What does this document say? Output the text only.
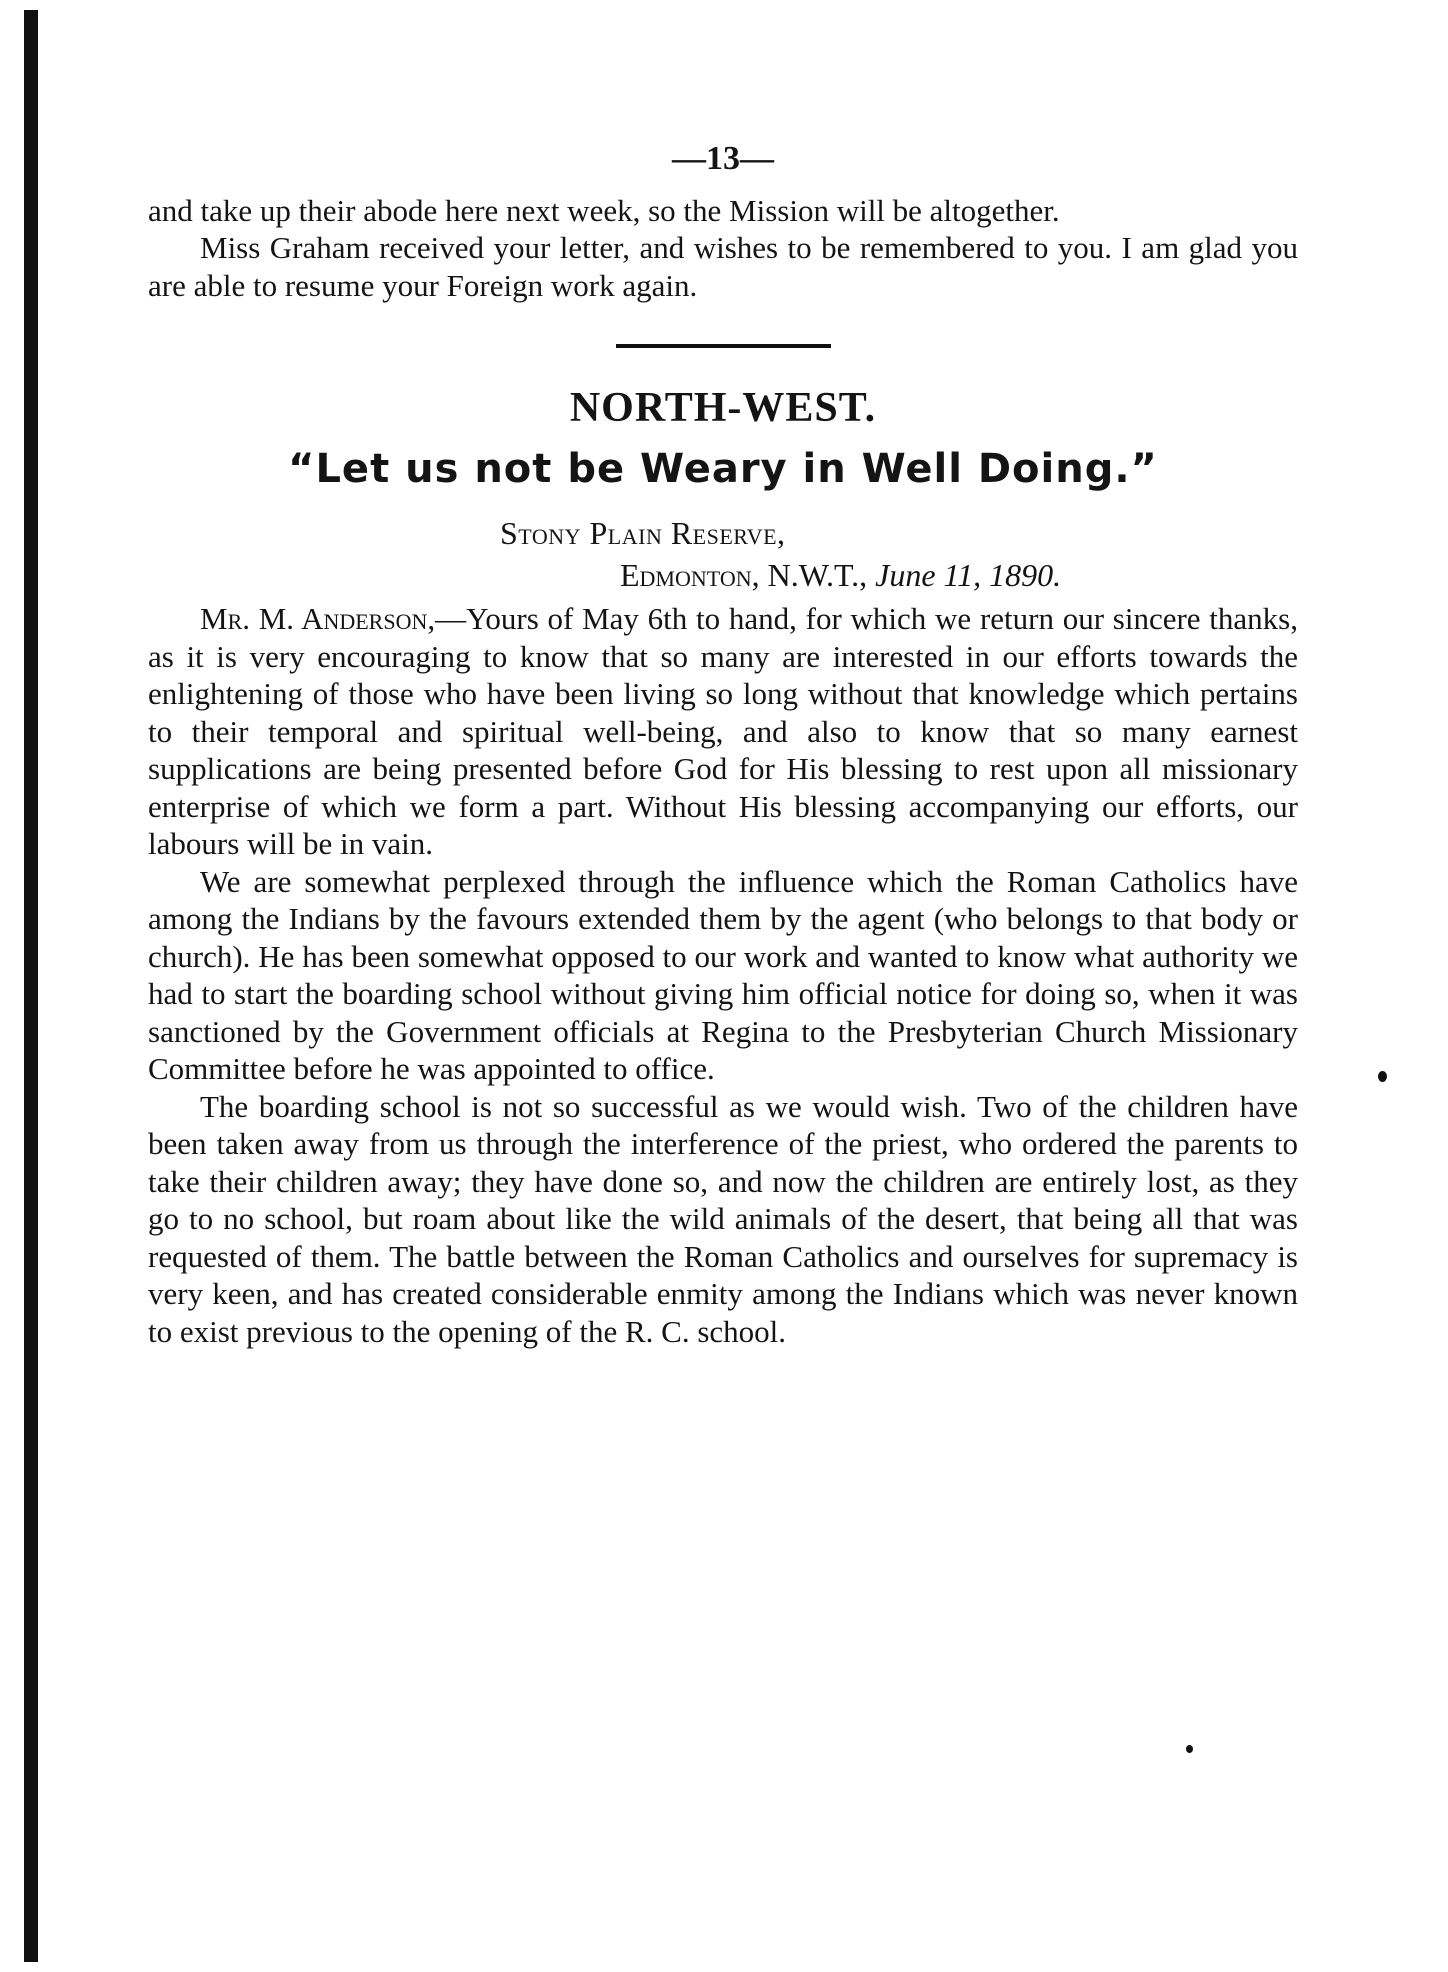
—13—

and take up their abode here next week, so the Mission will be altogether.

Miss Graham received your letter, and wishes to be remembered to you. I am glad you are able to resume your Foreign work again.

NORTH-WEST.
“Let us not be Weary in Well Doing.”
Stony Plain Reserve,
Edmonton, N.W.T., June 11, 1890.

Mr. M. Anderson,—Yours of May 6th to hand, for which we return our sincere thanks, as it is very encouraging to know that so many are interested in our efforts towards the enlightening of those who have been living so long without that knowledge which pertains to their temporal and spiritual well-being, and also to know that so many earnest supplications are being presented before God for His blessing to rest upon all missionary enterprise of which we form a part. Without His blessing accompanying our efforts, our labours will be in vain.

We are somewhat perplexed through the influence which the Roman Catholics have among the Indians by the favours extended them by the agent (who belongs to that body or church). He has been somewhat opposed to our work and wanted to know what authority we had to start the boarding school without giving him official notice for doing so, when it was sanctioned by the Government officials at Regina to the Presbyterian Church Missionary Committee before he was appointed to office.

The boarding school is not so successful as we would wish. Two of the children have been taken away from us through the interference of the priest, who ordered the parents to take their children away; they have done so, and now the children are entirely lost, as they go to no school, but roam about like the wild animals of the desert, that being all that was requested of them. The battle between the Roman Catholics and ourselves for supremacy is very keen, and has created considerable enmity among the Indians which was never known to exist previous to the opening of the R. C. school.
